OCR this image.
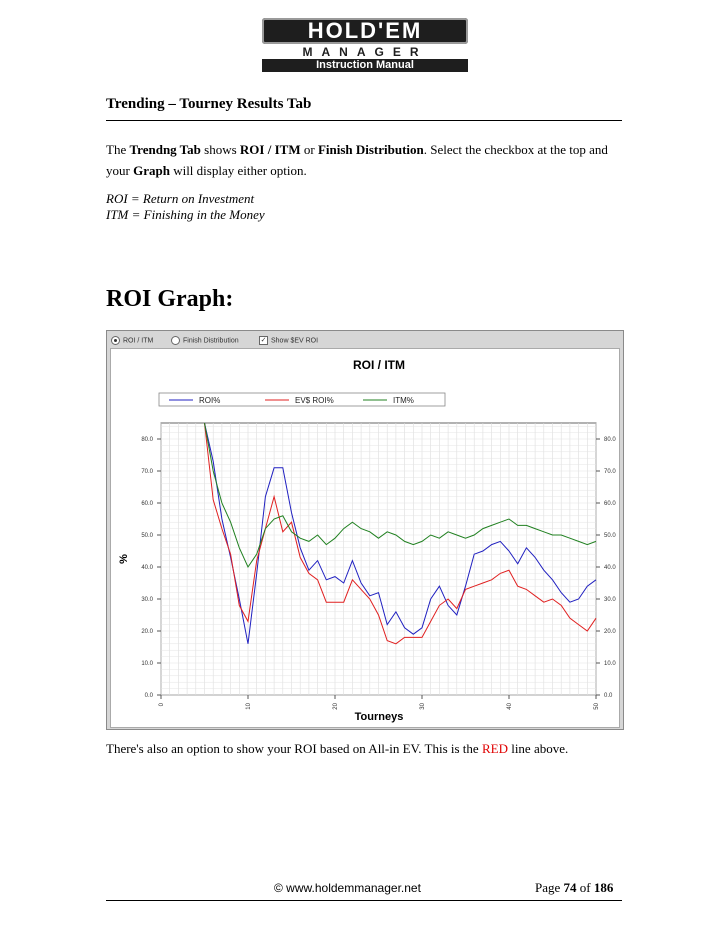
HOLD'EM
MANAGER
Instruction Manual
Trending – Tourney Results Tab
The Trendng Tab shows ROI / ITM or Finish Distribution. Select the checkbox at the top and your Graph will display either option.
ROI = Return on Investment
ITM = Finishing in the Money
ROI Graph:
ROI / ITM	Finish Distribution	✓ Show $EV ROI
ROI / ITM
ROI%	EV$ ROI%	ITM%
0.0	0.0
10.0	10.0
20.0	20.0
30.0	30.0
40.0	40.0
50.0	50.0
60.0	60.0
70.0	70.0
80.0	80.0
0	10	20	30	40	50
Tourneys
%
There's also an option to show your ROI based on All-in EV. This is the RED line above.
© www.holdemmanager.net	Page 74 of 186
